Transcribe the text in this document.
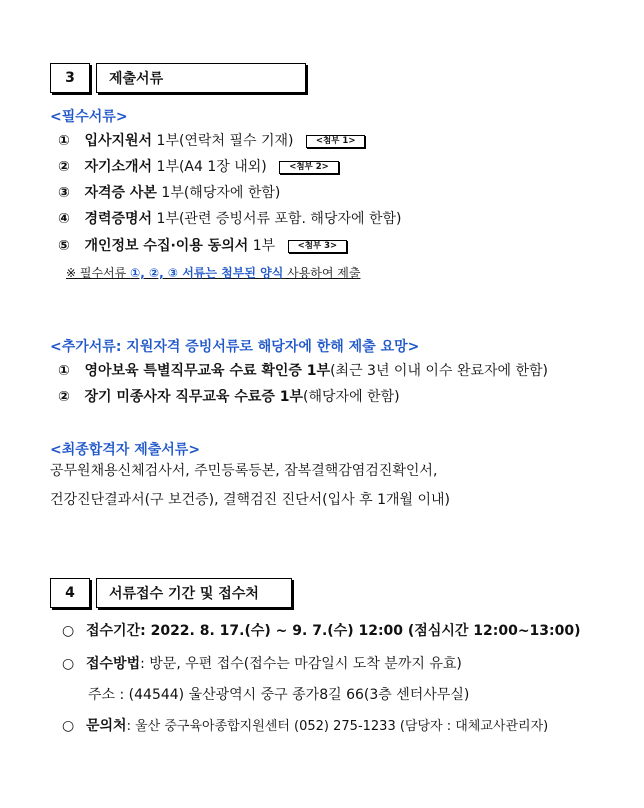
3	제출서류
<필수서류>
① 입사지원서 1부(연락처 필수 기재)	<첨부 1>
② 자기소개서 1부(A4 1장 내외)	<첨부 2>
③ 자격증 사본 1부(해당자에 한함)
④ 경력증명서 1부(관련 증빙서류 포함. 해당자에 한함)
⑤ 개인정보 수집·이용 동의서 1부	<첨부 3>
※ 필수서류 ①, ②, ③ 서류는 첨부된 양식 사용하여 제출
<추가서류: 지원자격 증빙서류로 해당자에 한해 제출 요망>
① 영아보육 특별직무교육 수료 확인증 1부(최근 3년 이내 이수 완료자에 한함)
② 장기 미종사자 직무교육 수료증 1부(해당자에 한함)
<최종합격자 제출서류>
공무원채용신체검사서, 주민등록등본, 잠복결핵감염검진확인서,
건강진단결과서(구 보건증), 결핵검진 진단서(입사 후 1개월 이내)
4	서류접수 기간 및 접수처
○ 접수기간: 2022. 8. 17.(수) ~ 9. 7.(수) 12:00 (점심시간 12:00~13:00)
○ 접수방법: 방문, 우편 접수(접수는 마감일시 도착 분까지 유효)
주소 : (44544) 울산광역시 중구 종가8길 66(3층 센터사무실)
○ 문의처: 울산 중구육아종합지원센터 (052) 275-1233 (담당자 : 대체교사관리자)
